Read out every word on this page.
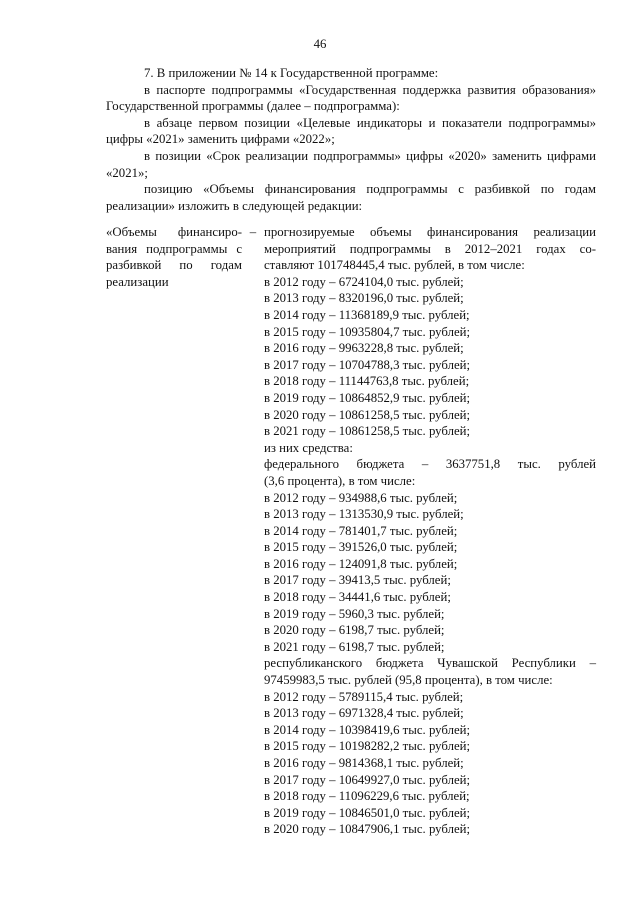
46

7. В приложении № 14 к Государственной программе:

в паспорте подпрограммы «Государственная поддержка развития образования» Государственной программы (далее – подпрограмма):

в абзаце первом позиции «Целевые индикаторы и показатели подпрограммы» цифры «2021» заменить цифрами «2022»;

в позиции «Срок реализации подпрограммы» цифры «2020» заменить цифрами «2021»;

позицию «Объемы финансирования подпрограммы с разбивкой по годам реализации» изложить в следующей редакции:

«Объемы финансиро-
вания подпрограммы с
разбивкой по годам
реализации
– прогнозируемые объемы финансирования реализации
мероприятий подпрограммы в 2012–2021 годах со-
ставляют 101748445,4 тыс. рублей, в том числе:
в 2012 году – 6724104,0 тыс. рублей;
в 2013 году – 8320196,0 тыс. рублей;
в 2014 году – 11368189,9 тыс. рублей;
в 2015 году – 10935804,7 тыс. рублей;
в 2016 году – 9963228,8 тыс. рублей;
в 2017 году – 10704788,3 тыс. рублей;
в 2018 году – 11144763,8 тыс. рублей;
в 2019 году – 10864852,9 тыс. рублей;
в 2020 году – 10861258,5 тыс. рублей;
в 2021 году – 10861258,5 тыс. рублей;
из них средства:
федерального бюджета – 3637751,8 тыс. рублей
(3,6 процента), в том числе:
в 2012 году – 934988,6 тыс. рублей;
в 2013 году – 1313530,9 тыс. рублей;
в 2014 году – 781401,7 тыс. рублей;
в 2015 году – 391526,0 тыс. рублей;
в 2016 году – 124091,8 тыс. рублей;
в 2017 году – 39413,5 тыс. рублей;
в 2018 году – 34441,6 тыс. рублей;
в 2019 году – 5960,3 тыс. рублей;
в 2020 году – 6198,7 тыс. рублей;
в 2021 году – 6198,7 тыс. рублей;
республиканского бюджета Чувашской Республики –
97459983,5 тыс. рублей (95,8 процента), в том числе:
в 2012 году – 5789115,4 тыс. рублей;
в 2013 году – 6971328,4 тыс. рублей;
в 2014 году – 10398419,6 тыс. рублей;
в 2015 году – 10198282,2 тыс. рублей;
в 2016 году – 9814368,1 тыс. рублей;
в 2017 году – 10649927,0 тыс. рублей;
в 2018 году – 11096229,6 тыс. рублей;
в 2019 году – 10846501,0 тыс. рублей;
в 2020 году – 10847906,1 тыс. рублей;
